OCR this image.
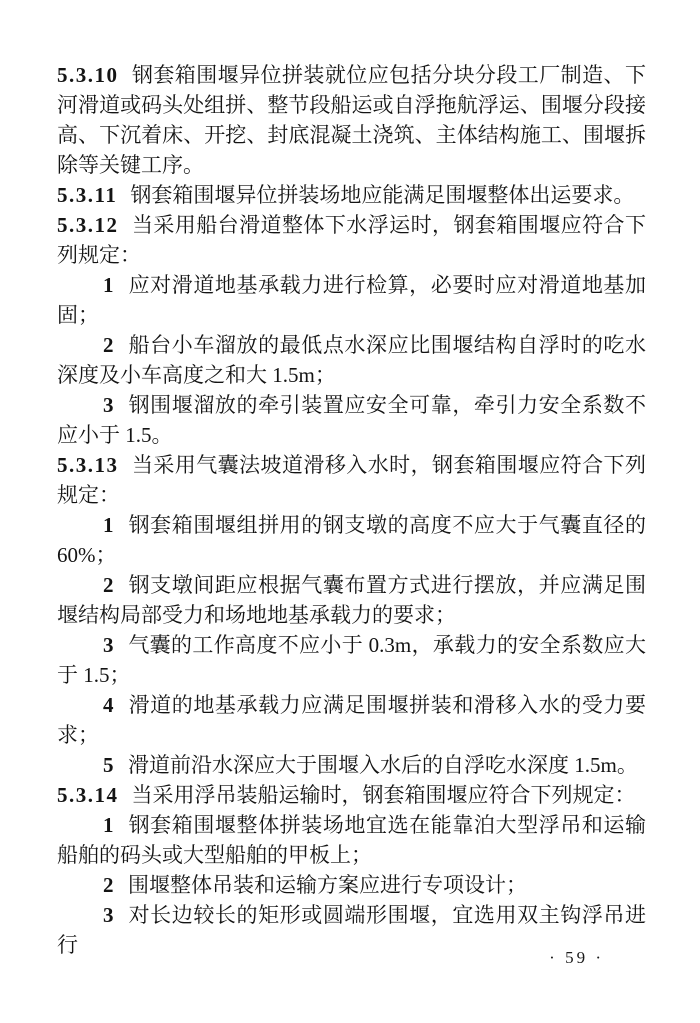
5.3.10 钢套箱围堰异位拼装就位应包括分块分段工厂制造、下河滑道或码头处组拼、整节段船运或自浮拖航浮运、围堰分段接高、下沉着床、开挖、封底混凝土浇筑、主体结构施工、围堰拆除等关键工序。

5.3.11 钢套箱围堰异位拼装场地应能满足围堰整体出运要求。

5.3.12 当采用船台滑道整体下水浮运时，钢套箱围堰应符合下列规定：

1 应对滑道地基承载力进行检算，必要时应对滑道地基加固；

2 船台小车溜放的最低点水深应比围堰结构自浮时的吃水深度及小车高度之和大 1.5m；

3 钢围堰溜放的牵引装置应安全可靠，牵引力安全系数不应小于 1.5。

5.3.13 当采用气囊法坡道滑移入水时，钢套箱围堰应符合下列规定：

1 钢套箱围堰组拼用的钢支墩的高度不应大于气囊直径的 60%；

2 钢支墩间距应根据气囊布置方式进行摆放，并应满足围堰结构局部受力和场地地基承载力的要求；

3 气囊的工作高度不应小于 0.3m，承载力的安全系数应大于 1.5；

4 滑道的地基承载力应满足围堰拼装和滑移入水的受力要求；

5 滑道前沿水深应大于围堰入水后的自浮吃水深度 1.5m。

5.3.14 当采用浮吊装船运输时，钢套箱围堰应符合下列规定：

1 钢套箱围堰整体拼装场地宜选在能靠泊大型浮吊和运输船舶的码头或大型船舶的甲板上；

2 围堰整体吊装和运输方案应进行专项设计；

3 对长边较长的矩形或圆端形围堰，宜选用双主钩浮吊进行

· 59 ·
